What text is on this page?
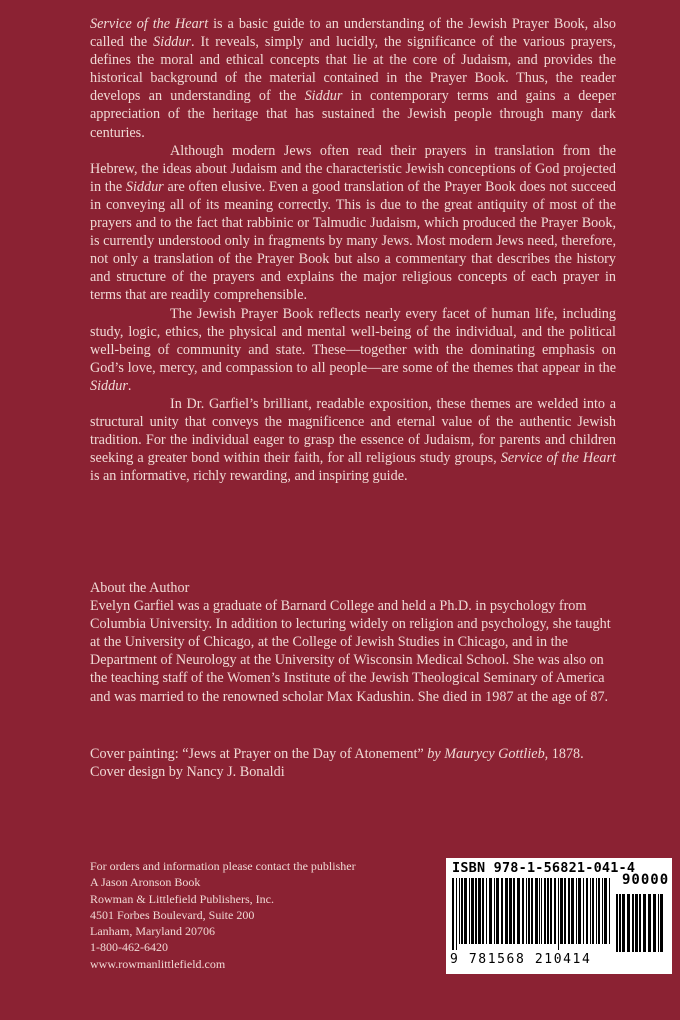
Service of the Heart is a basic guide to an understanding of the Jewish Prayer Book, also called the Siddur. It reveals, simply and lucidly, the significance of the various prayers, defines the moral and ethical concepts that lie at the core of Judaism, and provides the historical background of the material contained in the Prayer Book. Thus, the reader develops an understanding of the Siddur in contemporary terms and gains a deeper appreciation of the heritage that has sustained the Jewish people through many dark centuries.

Although modern Jews often read their prayers in translation from the Hebrew, the ideas about Judaism and the characteristic Jewish conceptions of God projected in the Siddur are often elusive. Even a good translation of the Prayer Book does not succeed in conveying all of its meaning correctly. This is due to the great antiquity of most of the prayers and to the fact that rabbinic or Talmudic Judaism, which produced the Prayer Book, is currently understood only in fragments by many Jews. Most modern Jews need, therefore, not only a translation of the Prayer Book but also a commentary that describes the history and structure of the prayers and explains the major religious concepts of each prayer in terms that are readily comprehensible.

The Jewish Prayer Book reflects nearly every facet of human life, including study, logic, ethics, the physical and mental well-being of the individual, and the political well-being of community and state. These—together with the dominating emphasis on God’s love, mercy, and compassion to all people—are some of the themes that appear in the Siddur.

In Dr. Garfiel’s brilliant, readable exposition, these themes are welded into a structural unity that conveys the magnificence and eternal value of the authentic Jewish tradition. For the individual eager to grasp the essence of Judaism, for parents and children seeking a greater bond within their faith, for all religious study groups, Service of the Heart is an informative, richly rewarding, and inspiring guide.

About the Author

Evelyn Garfiel was a graduate of Barnard College and held a Ph.D. in psychology from Columbia University. In addition to lecturing widely on religion and psychology, she taught at the University of Chicago, at the College of Jewish Studies in Chicago, and in the Department of Neurology at the University of Wisconsin Medical School. She was also on the teaching staff of the Women’s Institute of the Jewish Theological Seminary of America and was married to the renowned scholar Max Kadushin. She died in 1987 at the age of 87.

Cover painting: “Jews at Prayer on the Day of Atonement” by Maurycy Gottlieb, 1878.

Cover design by Nancy J. Bonaldi

For orders and information please contact the publisher

A Jason Aronson Book

Rowman & Littlefield Publishers, Inc.

4501 Forbes Boulevard, Suite 200

Lanham, Maryland 20706

1-800-462-6420

www.rowmanlittlefield.com

ISBN 978-1-56821-041-4
90000
9 781568 210414
